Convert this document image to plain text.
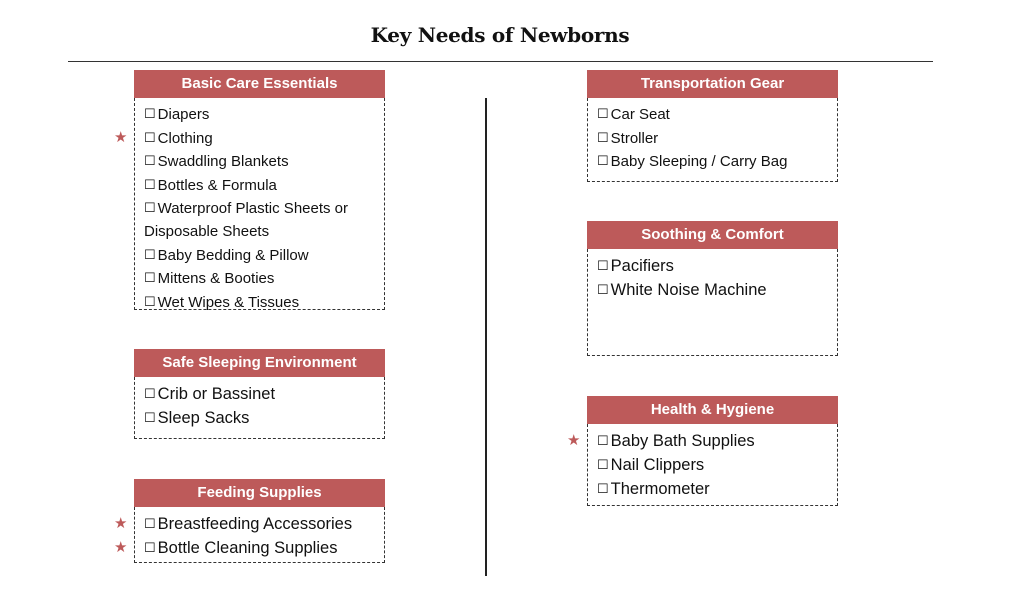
Key Needs of Newborns
Basic Care Essentials
☐ Diapers
★ ☐ Clothing
☐ Swaddling Blankets
☐ Bottles & Formula
☐ Waterproof Plastic Sheets or Disposable Sheets
☐ Baby Bedding & Pillow
☐ Mittens & Booties
☐ Wet Wipes & Tissues
Safe Sleeping Environment
☐ Crib or Bassinet
☐ Sleep Sacks
Feeding Supplies
★ ☐ Breastfeeding Accessories
★ ☐ Bottle Cleaning Supplies
Transportation Gear
☐ Car Seat
☐ Stroller
☐ Baby Sleeping / Carry Bag
Soothing & Comfort
☐ Pacifiers
☐ White Noise Machine
Health & Hygiene
★ ☐ Baby Bath Supplies
☐ Nail Clippers
☐ Thermometer
